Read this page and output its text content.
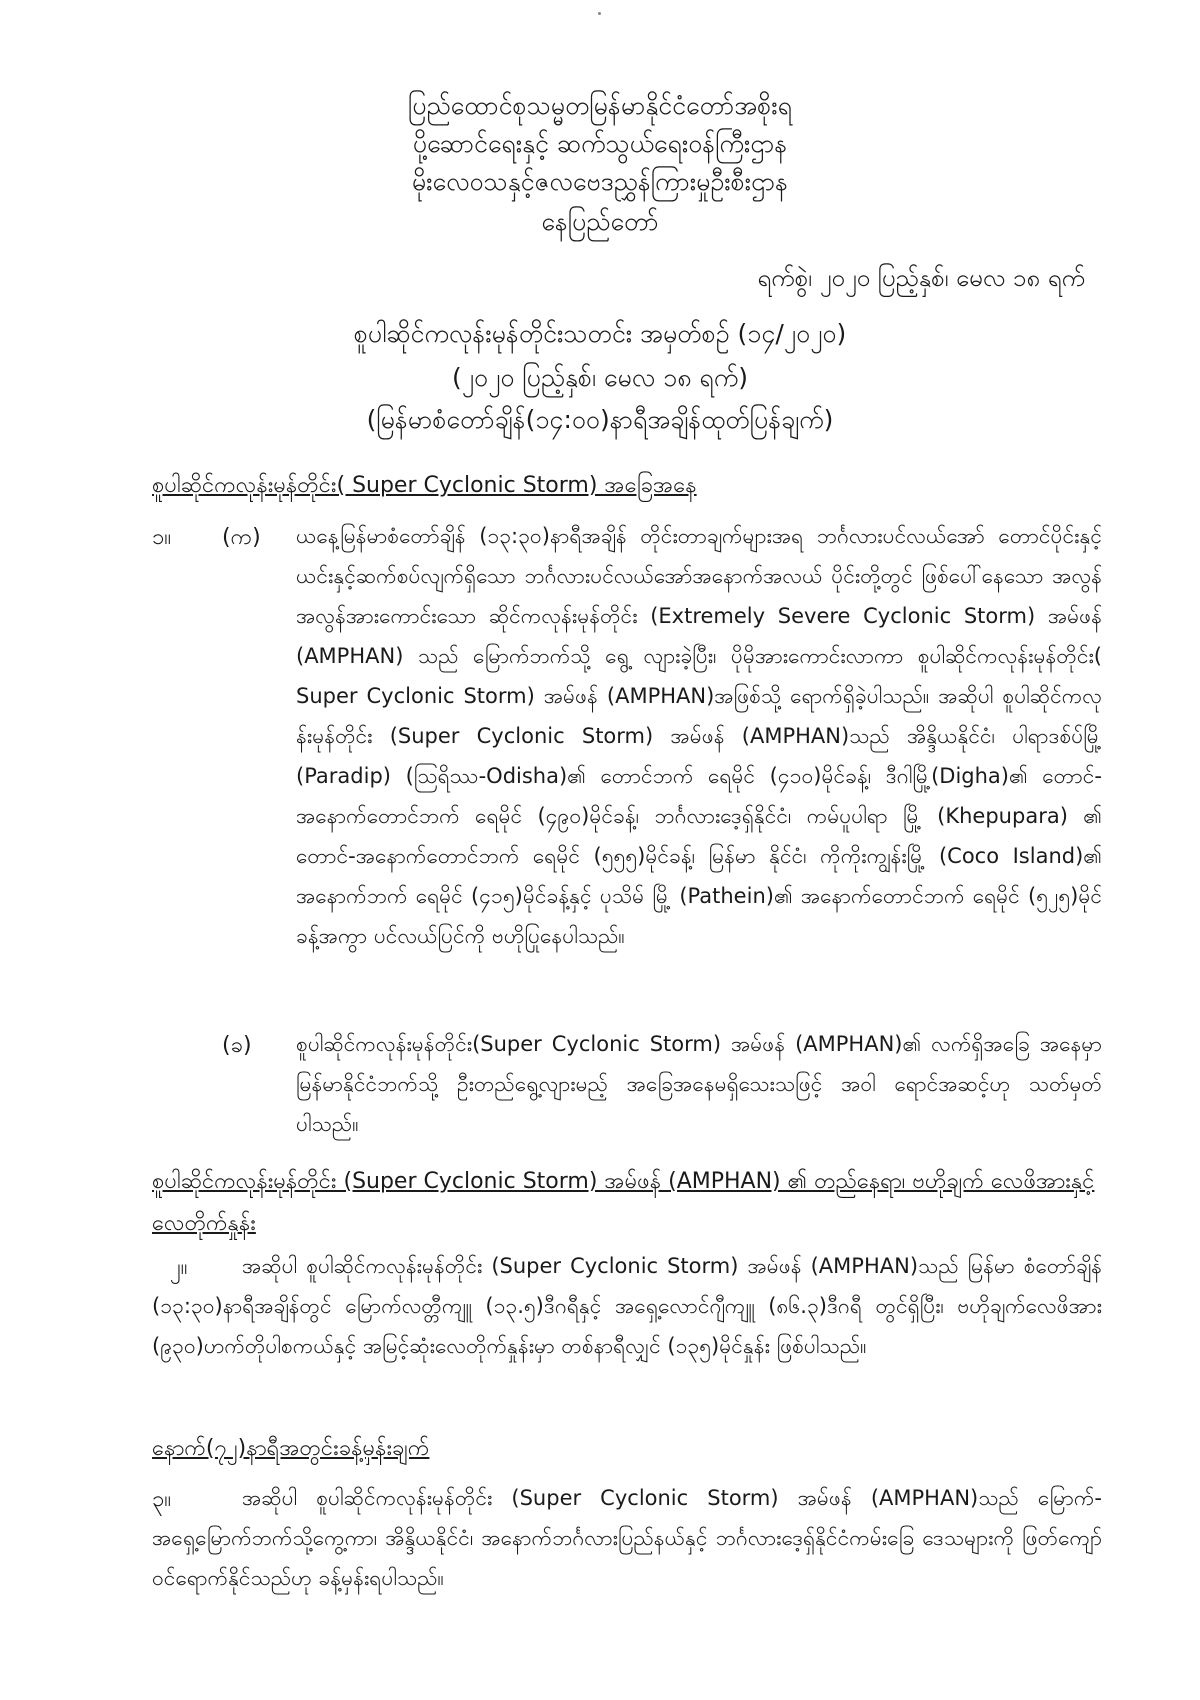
ပြည်ထောင်စုသမ္မတမြန်မာနိုင်ငံတော်အစိုးရ
ပို့ဆောင်ရေးနှင့် ဆက်သွယ်ရေးဝန်ကြီးဌာန
မိုးလေဝသနှင့်ဇလဗေဒညွှန်ကြားမှုဦးစီးဌာန
နေပြည်တော်
ရက်စွဲ၊ ၂၀၂၀ ပြည့်နှစ်၊ မေလ ၁၈ ရက်
စူပါဆိုင်ကလုန်းမုန်တိုင်းသတင်း အမှတ်စဉ် (၁၄/၂၀၂၀)
(၂၀၂၀ ပြည့်နှစ်၊ မေလ ၁၈ ရက်)
(မြန်မာစံတော်ချိန်(၁၄:၀၀)နာရီအချိန်ထုတ်ပြန်ချက်)
စူပါဆိုင်ကလုန်းမုန်တိုင်း( Super Cyclonic Storm) အခြေအနေ
၁။ (က) ယနေ့မြန်မာစံတော်ချိန် (၁၃:၃၀)နာရီအချိန် တိုင်းတာချက်များအရ ဘင်္ဂလားပင်လယ်အော် တောင်ပိုင်းနှင့် ယင်းနှင့်ဆက်စပ်လျက်ရှိသော ဘင်္ဂလားပင်လယ်အော်အနောက်အလယ် ပိုင်းတို့တွင် ဖြစ်ပေါ်နေသော အလွန်အလွန်အားကောင်းသော ဆိုင်ကလုန်းမုန်တိုင်း (Extremely Severe Cyclonic Storm) အမ်ဖန် (AMPHAN) သည် မြောက်ဘက်သို့ ရွေ့ လျားခဲ့ပြီး၊ ပိုမိုအားကောင်းလာကာ စူပါဆိုင်ကလုန်းမုန်တိုင်း( Super Cyclonic Storm) အမ်ဖန် (AMPHAN)အဖြစ်သို့ ရောက်ရှိခဲ့ပါသည်။ အဆိုပါ စူပါဆိုင်ကလုန်းမုန်တိုင်း (Super Cyclonic Storm) အမ်ဖန် (AMPHAN)သည် အိန္ဒိယနိုင်ငံ၊ ပါရာဒစ်ပ်မြို့ (Paradip) (ဩရိဿ-Odisha)၏ တောင်ဘက် ရေမိုင် (၄၁၀)မိုင်ခန့်၊ ဒီဂါမြို့(Digha)၏ တောင်-အနောက်တောင်ဘက် ရေမိုင် (၄၉၀)မိုင်ခန့်၊ ဘင်္ဂလားဒေ့ရှ်နိုင်ငံ၊ ကမ်ပူပါရာ မြို့ (Khepupara) ၏ တောင်-အနောက်တောင်ဘက် ရေမိုင် (၅၅၅)မိုင်ခန့်၊ မြန်မာ နိုင်ငံ၊ ကိုကိုးကျွန်းမြို့ (Coco Island)၏ အနောက်ဘက် ရေမိုင် (၄၁၅)မိုင်ခန့်နှင့် ပုသိမ် မြို့ (Pathein)၏ အနောက်တောင်ဘက် ရေမိုင် (၅၂၅)မိုင်ခန့်အကွာ ပင်လယ်ပြင်ကို ဗဟိုပြုနေပါသည်။

(ခ) စူပါဆိုင်ကလုန်းမုန်တိုင်း(Super Cyclonic Storm) အမ်ဖန် (AMPHAN)၏ လက်ရှိအခြေ အနေမှာ မြန်မာနိုင်ငံဘက်သို့ ဦးတည်ရွေ့လျားမည့် အခြေအနေမရှိသေးသဖြင့် အဝါ ရောင်အဆင့်ဟု သတ်မှတ်ပါသည်။

စူပါဆိုင်ကလုန်းမုန်တိုင်း (Super Cyclonic Storm) အမ်ဖန် (AMPHAN) ၏ တည်နေရာ၊ ဗဟိုချက် လေဖိအားနှင့် လေတိုက်နှုန်း
၂။	အဆိုပါ စူပါဆိုင်ကလုန်းမုန်တိုင်း (Super Cyclonic Storm) အမ်ဖန် (AMPHAN)သည် မြန်မာ စံတော်ချိန် (၁၃:၃၀)နာရီအချိန်တွင် မြောက်လတ္တီကျူ (၁၃.၅)ဒီဂရီနှင့် အရှေ့လောင်ဂျီကျူ (၈၆.၃)ဒီဂရီ တွင်ရှိပြီး၊ ဗဟိုချက်လေဖိအား (၉၃၀)ဟက်တိုပါစကယ်နှင့် အမြင့်ဆုံးလေတိုက်နှုန်းမှာ တစ်နာရီလျှင် (၁၃၅)မိုင်နှုန်း ဖြစ်ပါသည်။

နောက်(၇၂)နာရီအတွင်းခန့်မှန်းချက်
၃။	အဆိုပါ စူပါဆိုင်ကလုန်းမုန်တိုင်း (Super Cyclonic Storm) အမ်ဖန် (AMPHAN)သည် မြောက်- အရှေ့မြောက်ဘက်သို့ကွေ့ကာ၊ အိန္ဒိယနိုင်ငံ၊ အနောက်ဘင်္ဂလားပြည်နယ်နှင့် ဘင်္ဂလားဒေ့ရှ်နိုင်ငံကမ်းခြေ ဒေသများကို ဖြတ်ကျော်ဝင်ရောက်နိုင်သည်ဟု ခန့်မှန်းရပါသည်။
